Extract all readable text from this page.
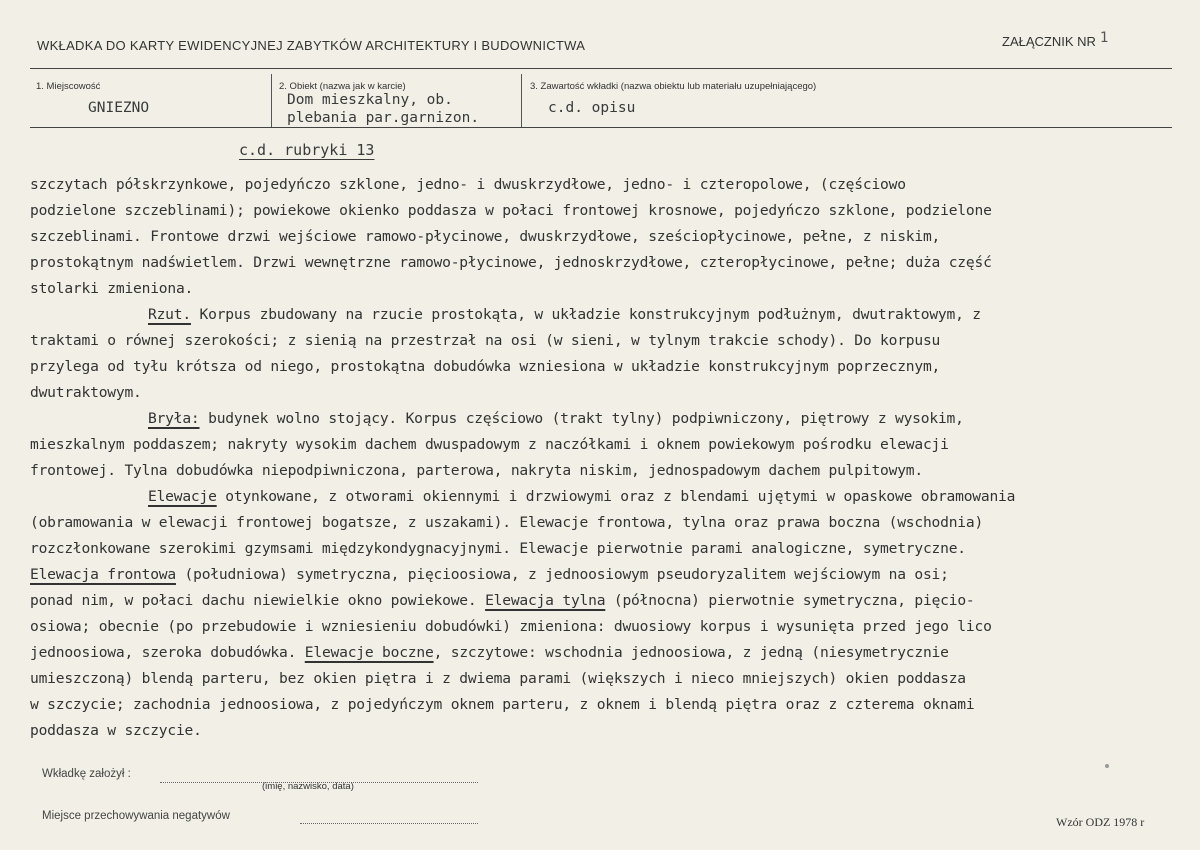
WKŁADKA DO KARTY EWIDENCYJNEJ ZABYTKÓW ARCHITEKTURY I BUDOWNICTWA	ZAŁĄCZNIK NR 1
1. Miejscowość
GNIEZNO
2. Obiekt (nazwa jak w karcie)
Dom mieszkalny, ob.
plebania par.garnizon.
3. Zawartość wkładki (nazwa obiektu lub materiału uzupełniającego)
c.d. opisu
c.d. rubryki 13
szczytach półskrzynkowe, pojedyńczo szklone, jedno- i dwuskrzydłowe, jedno- i czteropolowe, (częściowo
podzielone szczeblinami); powiekowe okienko poddasza w połaci frontowej krosnowe, pojedyńczo szklone, podzielone
szczeblinami. Frontowe drzwi wejściowe ramowo-płycinowe, dwuskrzydłowe, sześciopłycinowe, pełne, z niskim,
prostokątnym nadświetlem. Drzwi wewnętrzne ramowo-płycinowe, jednoskrzydłowe, czteropłycinowe, pełne; duża część
stolarki zmieniona.
Rzut. Korpus zbudowany na rzucie prostokąta, w układzie konstrukcyjnym podłużnym, dwutraktowym, z
traktami o równej szerokości; z sienią na przestrzał na osi (w sieni, w tylnym trakcie schody). Do korpusu
przylega od tyłu krótsza od niego, prostokątna dobudówka wzniesiona w układzie konstrukcyjnym poprzecznym,
dwutraktowym.
Bryła: budynek wolno stojący. Korpus częściowo (trakt tylny) podpiwniczony, piętrowy z wysokim,
mieszkalnym poddaszem; nakryty wysokim dachem dwuspadowym z naczółkami i oknem powiekowym pośrodku elewacji
frontowej. Tylna dobudówka niepodpiwniczona, parterowa, nakryta niskim, jednospadowym dachem pulpitowym.
Elewacje otynkowane, z otworami okiennymi i drzwiowymi oraz z blendami ujętymi w opaskowe obramowania
(obramowania w elewacji frontowej bogatsze, z uszakami). Elewacje frontowa, tylna oraz prawa boczna (wschodnia)
rozczłonkowane szerokimi gzymsami międzykondygnacyjnymi. Elewacje pierwotnie parami analogiczne, symetryczne.
Elewacja frontowa (południowa) symetryczna, pięcioosiowa, z jednoosiowym pseudoryzalitem wejściowym na osi;
ponad nim, w połaci dachu niewielkie okno powiekowe. Elewacja tylna (północna) pierwotnie symetryczna, pięcio-
osiowa; obecnie (po przebudowie i wzniesieniu dobudówki) zmieniona: dwuosiowy korpus i wysunięta przed jego lico
jednoosiowa, szeroka dobudówka. Elewacje boczne, szczytowe: wschodnia jednoosiowa, z jedną (niesymetrycznie
umieszczoną) blendą parteru, bez okien piętra i z dwiema parami (większych i nieco mniejszych) okien poddasza
w szczycie; zachodnia jednoosiowa, z pojedyńczym oknem parteru, z oknem i blendą piętra oraz z czterema oknami
poddasza w szczycie.
Wkładkę założył :
(imię, nazwisko, data)
Miejsce przechowywania negatywów	Wzór ODZ 1978 r
